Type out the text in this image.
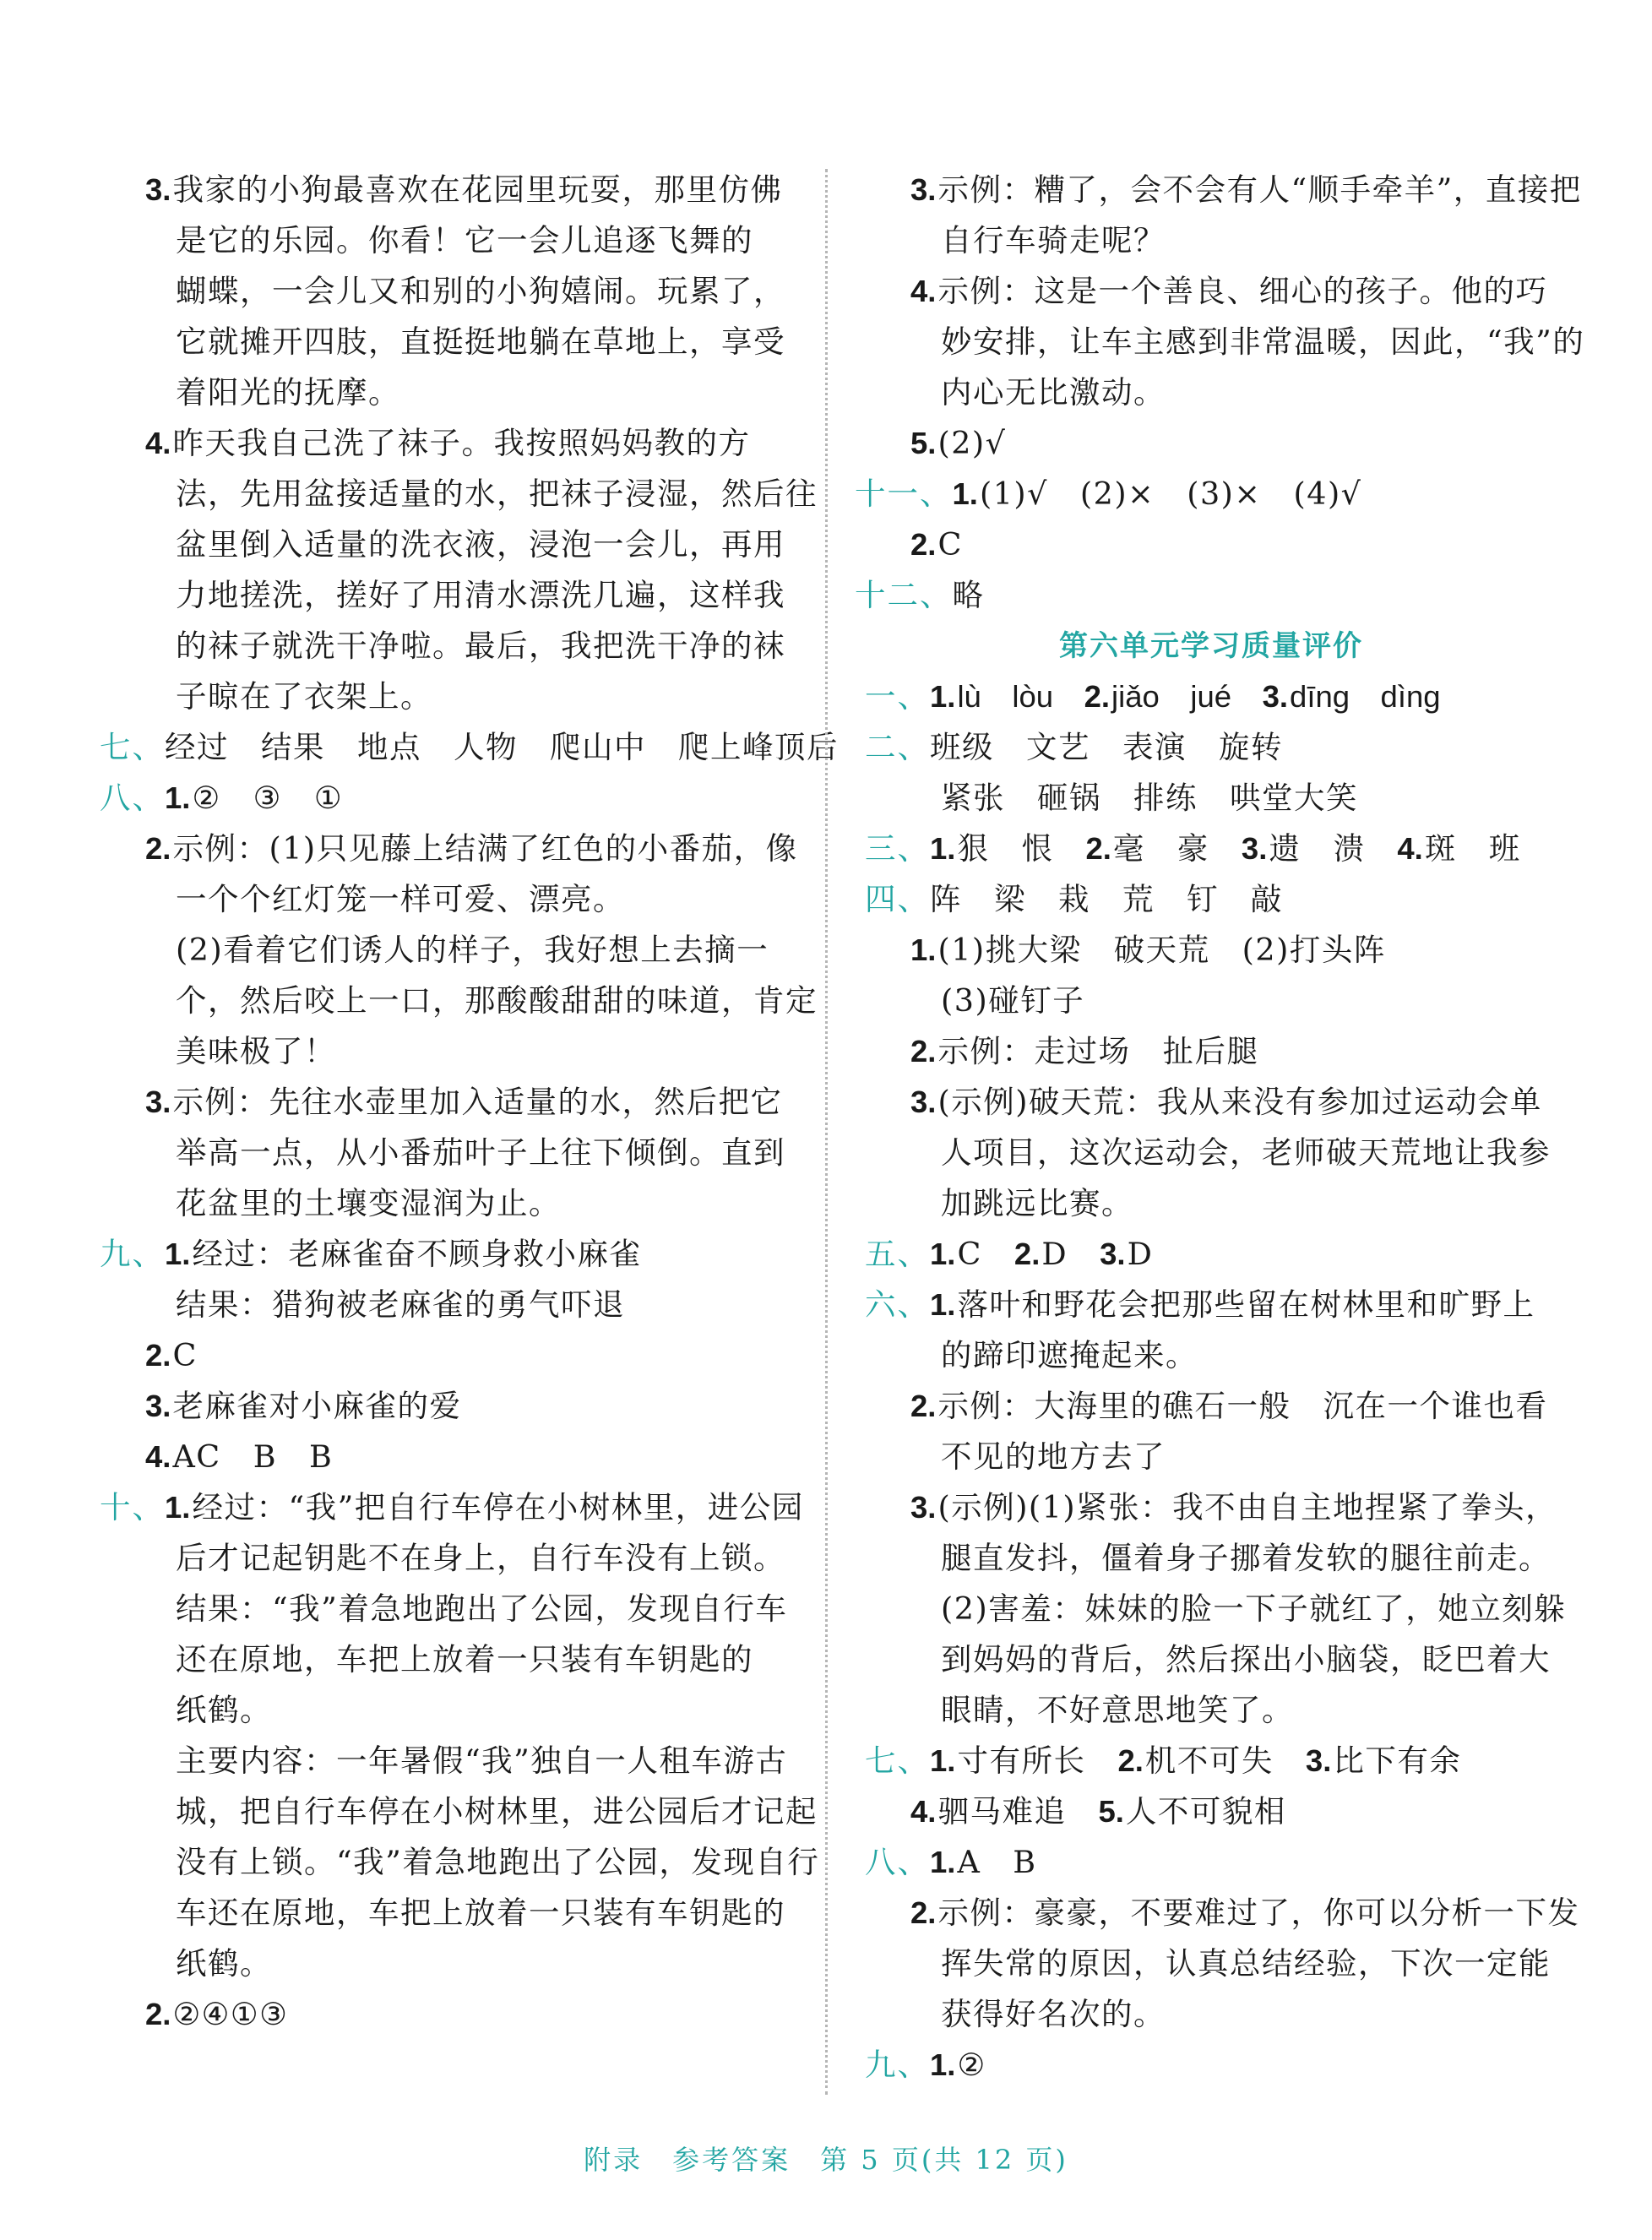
3.我家的小狗最喜欢在花园里玩耍，那里仿佛
是它的乐园。你看！它一会儿追逐飞舞的
蝴蝶，一会儿又和别的小狗嬉闹。玩累了，
它就摊开四肢，直挺挺地躺在草地上，享受
着阳光的抚摩。
4.昨天我自己洗了袜子。我按照妈妈教的方
法，先用盆接适量的水，把袜子浸湿，然后往
盆里倒入适量的洗衣液，浸泡一会儿，再用
力地搓洗，搓好了用清水漂洗几遍，这样我
的袜子就洗干净啦。最后，我把洗干净的袜
子晾在了衣架上。
七、经过　结果　地点　人物　爬山中　爬上峰顶后
八、1.②　③　①
2.示例：(1)只见藤上结满了红色的小番茄，像
一个个红灯笼一样可爱、漂亮。
(2)看着它们诱人的样子，我好想上去摘一
个，然后咬上一口，那酸酸甜甜的味道，肯定
美味极了！
3.示例：先往水壶里加入适量的水，然后把它
举高一点，从小番茄叶子上往下倾倒。直到
花盆里的土壤变湿润为止。
九、1.经过：老麻雀奋不顾身救小麻雀
结果：猎狗被老麻雀的勇气吓退
2.C
3.老麻雀对小麻雀的爱
4.AC　B　B
十、1.经过：“我”把自行车停在小树林里，进公园
后才记起钥匙不在身上，自行车没有上锁。
结果：“我”着急地跑出了公园，发现自行车
还在原地，车把上放着一只装有车钥匙的
纸鹤。
主要内容：一年暑假“我”独自一人租车游古
城，把自行车停在小树林里，进公园后才记起
没有上锁。“我”着急地跑出了公园，发现自行
车还在原地，车把上放着一只装有车钥匙的
纸鹤。
2.②④①③
3.示例：糟了，会不会有人“顺手牵羊”，直接把
自行车骑走呢？
4.示例：这是一个善良、细心的孩子。他的巧
妙安排，让车主感到非常温暖，因此，“我”的
内心无比激动。
5.(2)√
十一、1.(1)√　(2)×　(3)×　(4)√
2.C
十二、略
第六单元学习质量评价
一、1.lù　lòu　2.jiǎo　jué　3.dīng　dìng
二、班级　文艺　表演　旋转
紧张　砸锅　排练　哄堂大笑
三、1.狠　恨　2.毫　豪　3.遗　溃　4.斑　班
四、阵　梁　栽　荒　钉　敲
1.(1)挑大梁　破天荒　(2)打头阵
(3)碰钉子
2.示例：走过场　扯后腿
3.(示例)破天荒：我从来没有参加过运动会单
人项目，这次运动会，老师破天荒地让我参
加跳远比赛。
五、1.C　2.D　3.D
六、1.落叶和野花会把那些留在树林里和旷野上
的蹄印遮掩起来。
2.示例：大海里的礁石一般　沉在一个谁也看
不见的地方去了
3.(示例)(1)紧张：我不由自主地捏紧了拳头，
腿直发抖，僵着身子挪着发软的腿往前走。
(2)害羞：妹妹的脸一下子就红了，她立刻躲
到妈妈的背后，然后探出小脑袋，眨巴着大
眼睛，不好意思地笑了。
七、1.寸有所长　2.机不可失　3.比下有余
4.驷马难追　5.人不可貌相
八、1.A　B
2.示例：豪豪，不要难过了，你可以分析一下发
挥失常的原因，认真总结经验，下次一定能
获得好名次的。
九、1.②
附录　参考答案　第 5 页(共 12 页)
